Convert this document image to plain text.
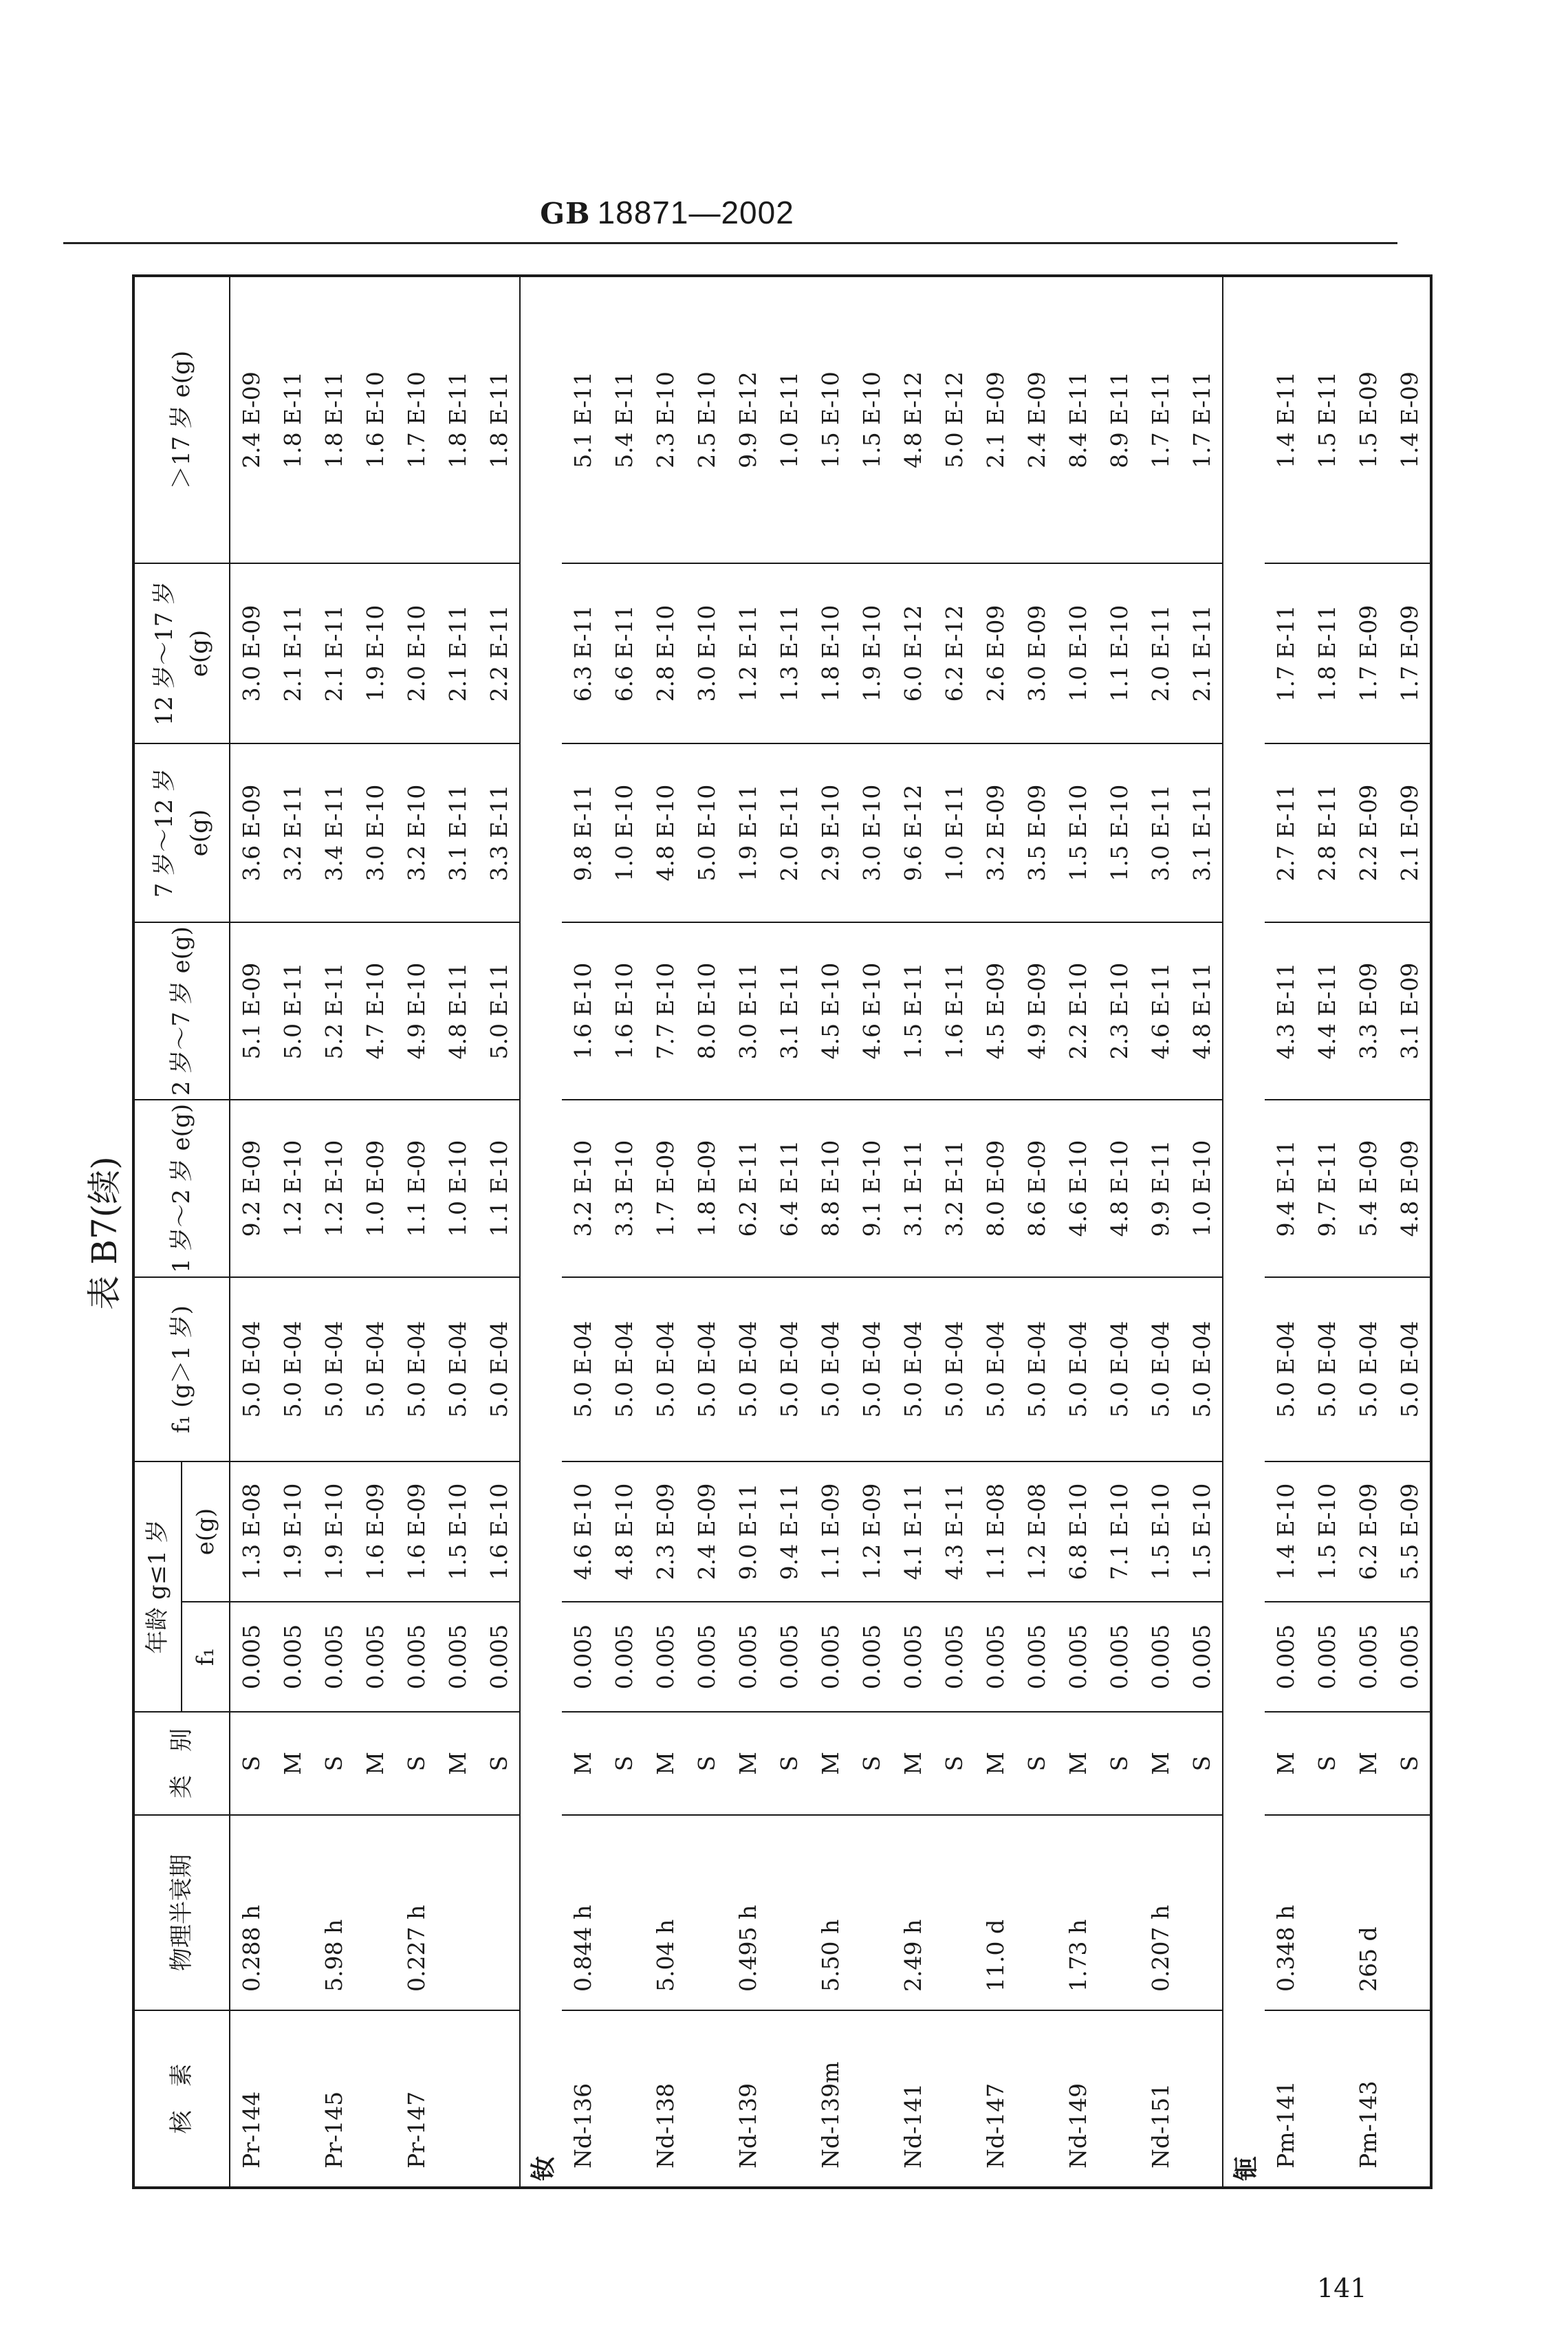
GB 18871—2002
表 B7(续)
核　素	物理半衰期	类　别	年龄 g≤1 岁		f₁ (g＞1 岁)	1 岁～2 岁 e(g)	2 岁～7 岁 e(g)	7 岁～12 岁 e(g)	12 岁～17 岁 e(g)	＞17 岁 e(g)
			f₁	e(g)						
Pr-144	0.288 h	S	0.005	1.3 E-08	5.0 E-04	9.2 E-09	5.1 E-09	3.6 E-09	3.0 E-09	2.4 E-09
		M	0.005	1.9 E-10	5.0 E-04	1.2 E-10	5.0 E-11	3.2 E-11	2.1 E-11	1.8 E-11
Pr-145	5.98 h	S	0.005	1.9 E-10	5.0 E-04	1.2 E-10	5.2 E-11	3.4 E-11	2.1 E-11	1.8 E-11
		M	0.005	1.6 E-09	5.0 E-04	1.0 E-09	4.7 E-10	3.0 E-10	1.9 E-10	1.6 E-10
Pr-147	0.227 h	S	0.005	1.6 E-09	5.0 E-04	1.1 E-09	4.9 E-10	3.2 E-10	2.0 E-10	1.7 E-10
		M	0.005	1.5 E-10	5.0 E-04	1.0 E-10	4.8 E-11	3.1 E-11	2.1 E-11	1.8 E-11
		S	0.005	1.6 E-10	5.0 E-04	1.1 E-10	5.0 E-11	3.3 E-11	2.2 E-11	1.8 E-11
钕										
Nd-136	0.844 h	M	0.005	4.6 E-10	5.0 E-04	3.2 E-10	1.6 E-10	9.8 E-11	6.3 E-11	5.1 E-11
		S	0.005	4.8 E-10	5.0 E-04	3.3 E-10	1.6 E-10	1.0 E-10	6.6 E-11	5.4 E-11
Nd-138	5.04 h	M	0.005	2.3 E-09	5.0 E-04	1.7 E-09	7.7 E-10	4.8 E-10	2.8 E-10	2.3 E-10
		S	0.005	2.4 E-09	5.0 E-04	1.8 E-09	8.0 E-10	5.0 E-10	3.0 E-10	2.5 E-10
Nd-139	0.495 h	M	0.005	9.0 E-11	5.0 E-04	6.2 E-11	3.0 E-11	1.9 E-11	1.2 E-11	9.9 E-12
		S	0.005	9.4 E-11	5.0 E-04	6.4 E-11	3.1 E-11	2.0 E-11	1.3 E-11	1.0 E-11
Nd-139m	5.50 h	M	0.005	1.1 E-09	5.0 E-04	8.8 E-10	4.5 E-10	2.9 E-10	1.8 E-10	1.5 E-10
		S	0.005	1.2 E-09	5.0 E-04	9.1 E-10	4.6 E-10	3.0 E-10	1.9 E-10	1.5 E-10
Nd-141	2.49 h	M	0.005	4.1 E-11	5.0 E-04	3.1 E-11	1.5 E-11	9.6 E-12	6.0 E-12	4.8 E-12
		S	0.005	4.3 E-11	5.0 E-04	3.2 E-11	1.6 E-11	1.0 E-11	6.2 E-12	5.0 E-12
Nd-147	11.0 d	M	0.005	1.1 E-08	5.0 E-04	8.0 E-09	4.5 E-09	3.2 E-09	2.6 E-09	2.1 E-09
		S	0.005	1.2 E-08	5.0 E-04	8.6 E-09	4.9 E-09	3.5 E-09	3.0 E-09	2.4 E-09
Nd-149	1.73 h	M	0.005	6.8 E-10	5.0 E-04	4.6 E-10	2.2 E-10	1.5 E-10	1.0 E-10	8.4 E-11
		S	0.005	7.1 E-10	5.0 E-04	4.8 E-10	2.3 E-10	1.5 E-10	1.1 E-10	8.9 E-11
Nd-151	0.207 h	M	0.005	1.5 E-10	5.0 E-04	9.9 E-11	4.6 E-11	3.0 E-11	2.0 E-11	1.7 E-11
		S	0.005	1.5 E-10	5.0 E-04	1.0 E-10	4.8 E-11	3.1 E-11	2.1 E-11	1.7 E-11
钷										
Pm-141	0.348 h	M	0.005	1.4 E-10	5.0 E-04	9.4 E-11	4.3 E-11	2.7 E-11	1.7 E-11	1.4 E-11
		S	0.005	1.5 E-10	5.0 E-04	9.7 E-11	4.4 E-11	2.8 E-11	1.8 E-11	1.5 E-11
Pm-143	265 d	M	0.005	6.2 E-09	5.0 E-04	5.4 E-09	3.3 E-09	2.2 E-09	1.7 E-09	1.5 E-09
		S	0.005	5.5 E-09	5.0 E-04	4.8 E-09	3.1 E-09	2.1 E-09	1.7 E-09	1.4 E-09
141
